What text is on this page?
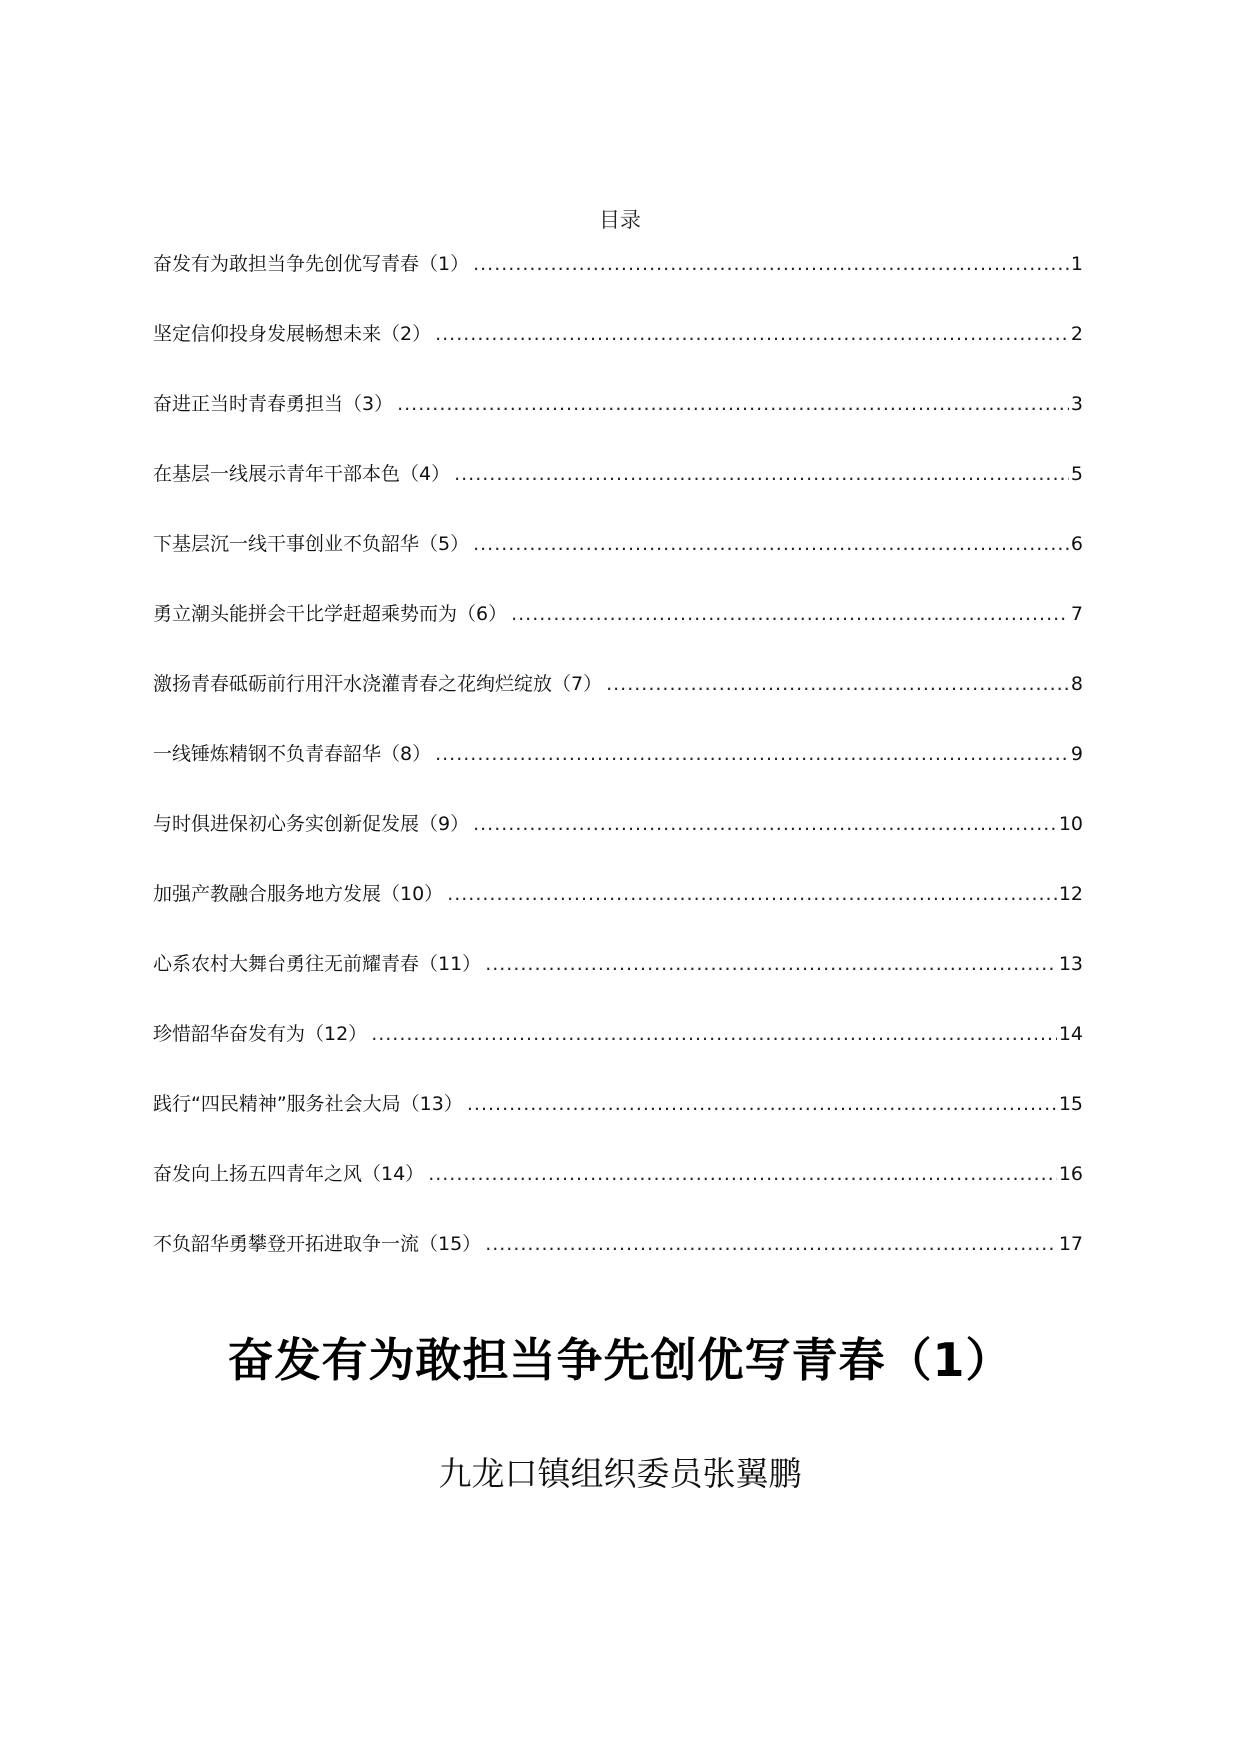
目录
奋发有为敢担当争先创优写青春（1） .....	1
坚定信仰投身发展畅想未来（2） .....	2
奋进正当时青春勇担当（3） .....	3
在基层一线展示青年干部本色（4） .....	5
下基层沉一线干事创业不负韶华（5） .....	6
勇立潮头能拼会干比学赶超乘势而为（6） .....	7
激扬青春砥砺前行用汗水浇灌青春之花绚烂绽放（7） .....	8
一线锤炼精钢不负青春韶华（8） .....	9
与时俱进保初心务实创新促发展（9） .....	10
加强产教融合服务地方发展（10） .....	12
心系农村大舞台勇往无前耀青春（11） .....	13
珍惜韶华奋发有为（12） .....	14
践行“四民精神”服务社会大局（13） .....	15
奋发向上扬五四青年之风（14） .....	16
不负韶华勇攀登开拓进取争一流（15） .....	17
奋发有为敢担当争先创优写青春（1）
九龙口镇组织委员张翼鹏
